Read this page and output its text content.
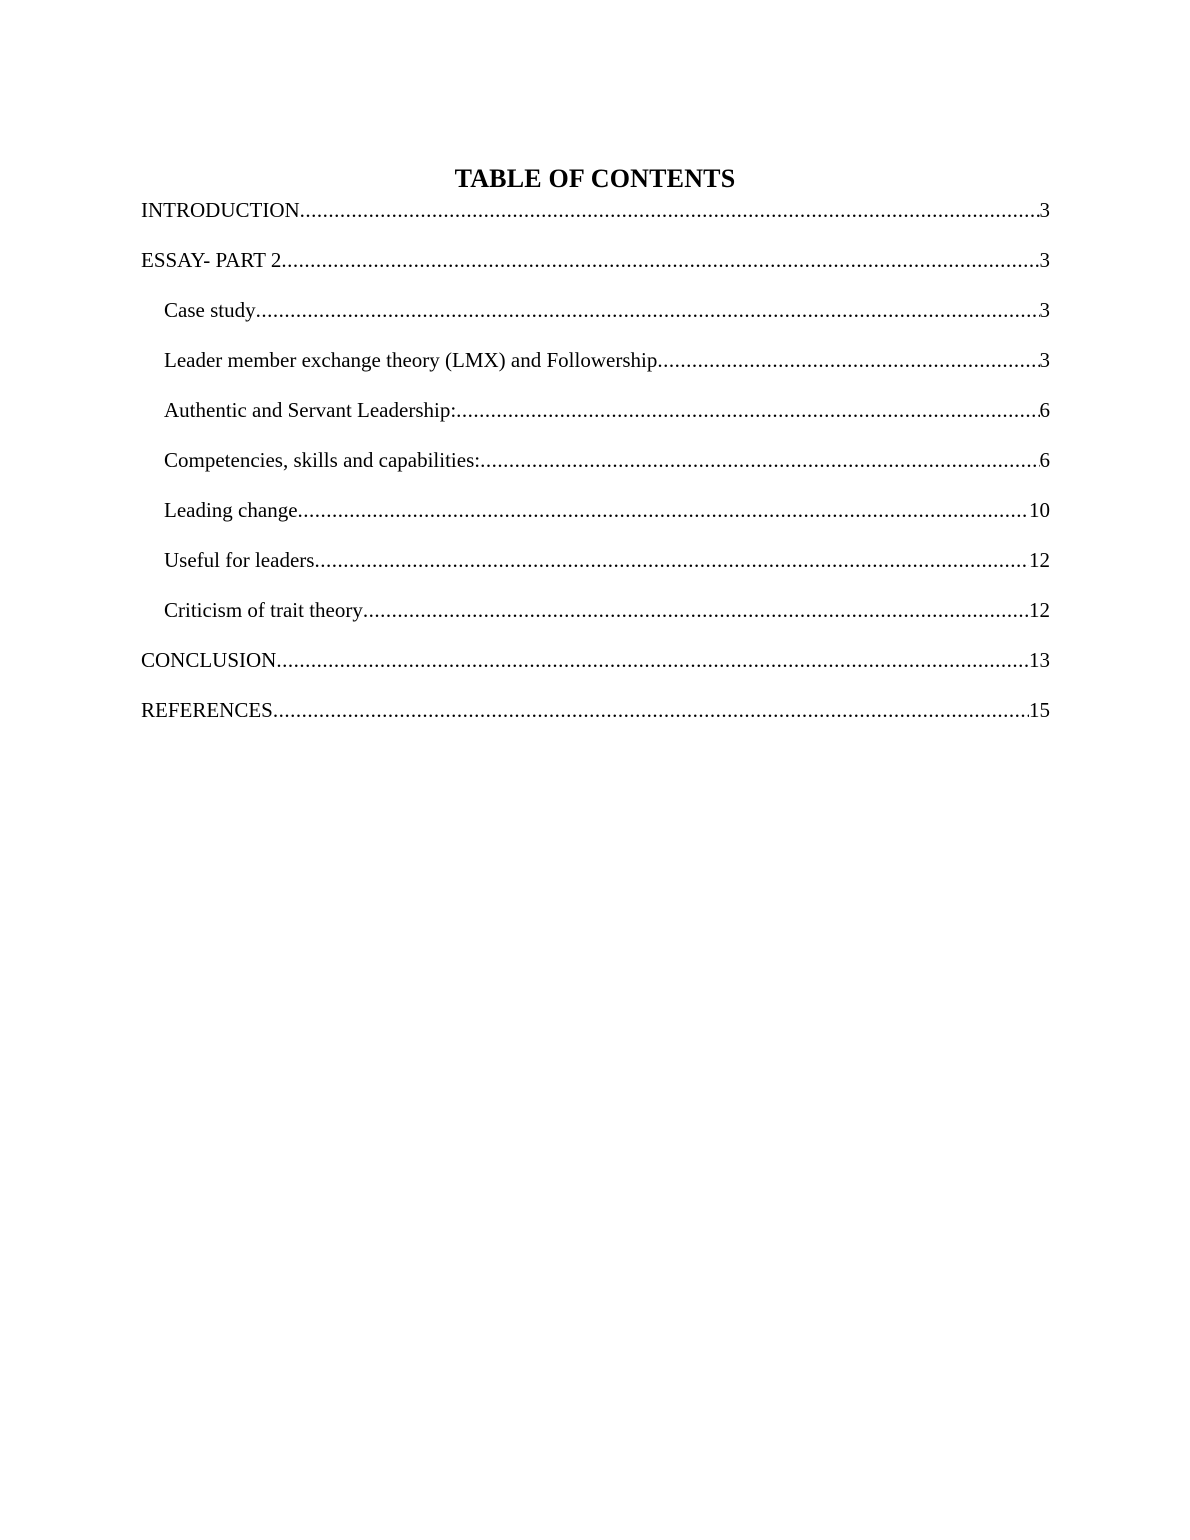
TABLE OF CONTENTS
INTRODUCTION .....	3
ESSAY- PART 2 .....	3
Case study .....	3
Leader member exchange theory (LMX) and Followership .....	3
Authentic and Servant Leadership: .....	6
Competencies, skills and capabilities: .....	6
Leading change .....	10
Useful for leaders .....	12
Criticism of trait theory .....	12
CONCLUSION .....	13
REFERENCES .....	15
